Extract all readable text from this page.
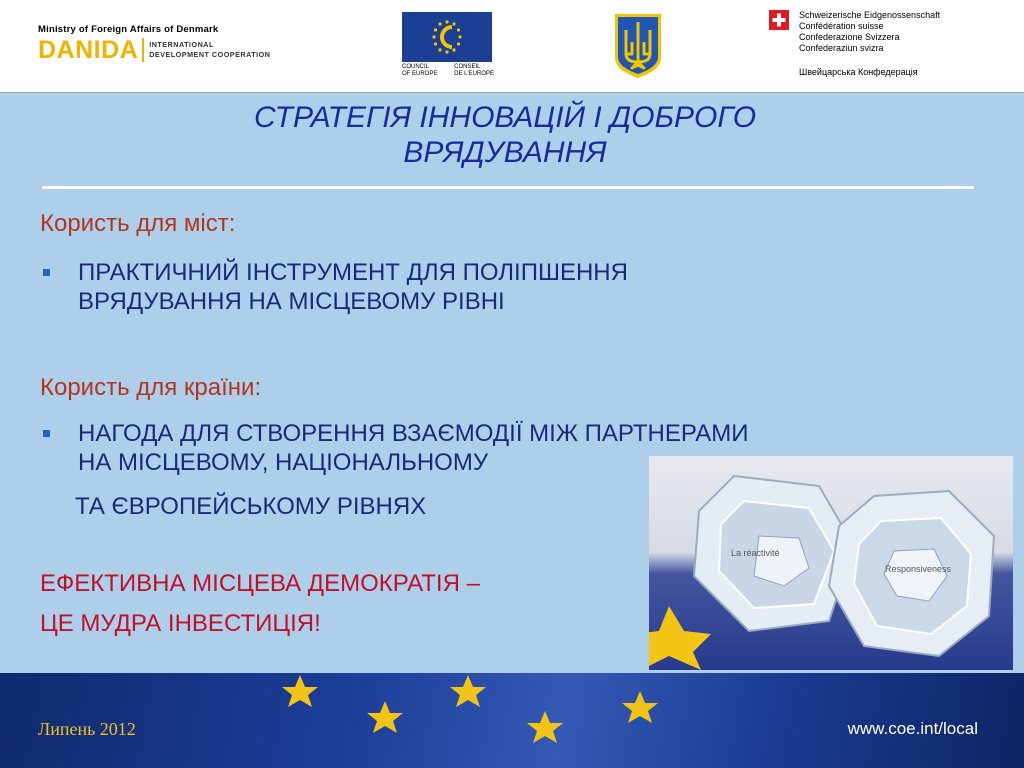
Ministry of Foreign Affairs of Denmark
DANIDA INTERNATIONAL
DEVELOPMENT COOPERATION
COUNCIL
OF EUROPE
CONSEIL
DE L'EUROPE
Schweizerische Eidgenossenschaft
Confédération suisse
Confederazione Svizzera
Confederaziun svizra
Швейцарська Конфедерація
СТРАТЕГІЯ ІННОВАЦІЙ І ДОБРОГО
ВРЯДУВАННЯ
Користь для міст:
ПРАКТИЧНИЙ ІНСТРУМЕНТ ДЛЯ ПОЛІПШЕННЯ
ВРЯДУВАННЯ НА МІСЦЕВОМУ РІВНІ
Користь для країни:
НАГОДА ДЛЯ СТВОРЕННЯ ВЗАЄМОДІЇ МІЖ ПАРТНЕРАМИ
НА МІСЦЕВОМУ, НАЦІОНАЛЬНОМУ
ТА ЄВРОПЕЙСЬКОМУ РІВНЯХ
ЕФЕКТИВНА МІСЦЕВА ДЕМОКРАТІЯ –
ЦЕ МУДРА ІНВЕСТИЦІЯ!
La réactivité
Responsiveness
Липень 2012	www.coe.int/local
